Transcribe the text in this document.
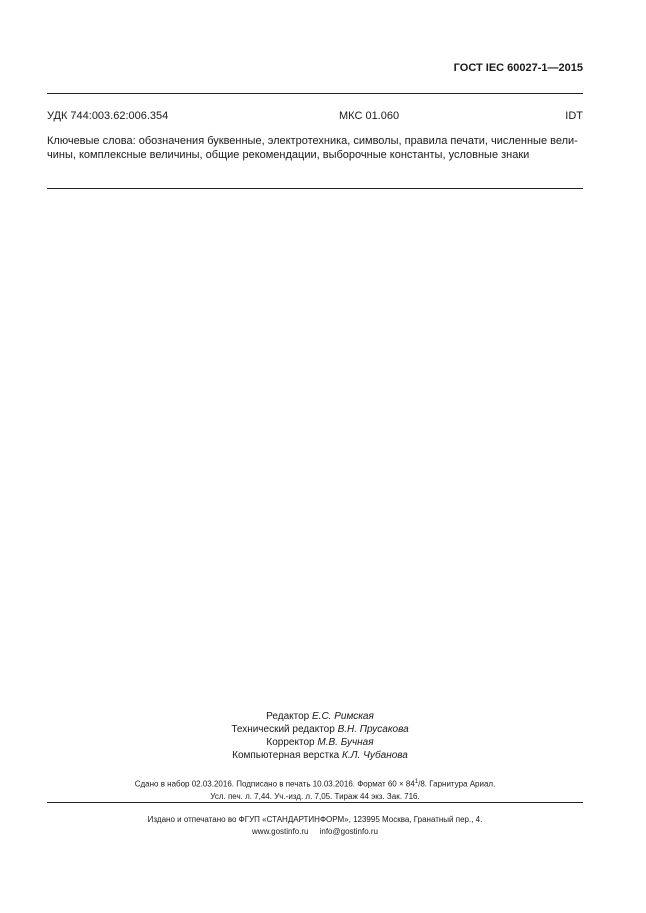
ГОСТ IEC 60027-1—2015
УДК 744:003.62:006.354	МКС 01.060	IDT
Ключевые слова: обозначения буквенные, электротехника, символы, правила печати, численные вели-
чины, комплексные величины, общие рекомендации, выборочные константы, условные знаки
Редактор Е.С. Римская
Технический редактор В.Н. Прусакова
Корректор М.В. Бучная
Компьютерная верстка К.Л. Чубанова
Сдано в набор 02.03.2016. Подписано в печать 10.03.2016. Формат $60 \times 84^1/8$. Гарнитура Ариал.
Усл. печ. л. 7,44. Уч.-изд. л. 7,05. Тираж 44 экз. Зак. 716.
Издано и отпечатано во ФГУП «СТАНДАРТИНФОРМ», 123995 Москва, Гранатный пер., 4.
www.gostinfo.ru     info@gostinfo.ru
